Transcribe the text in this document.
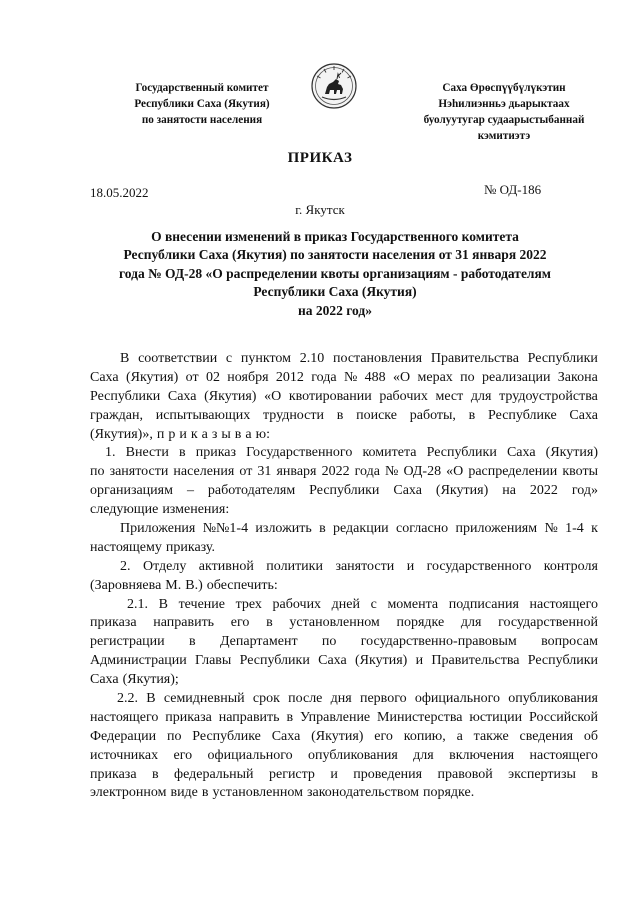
Государственный комитет
Республики Саха (Якутия)
по занятости населения
Саха Өрөспүүбүлүкэтин
Нэһилиэнньэ дьарыктаах
буолуутугар судаарыстыбаннай
кэмитиэтэ
ПРИКАЗ
18.05.2022	№ ОД-186
г. Якутск
О внесении изменений в приказ Государственного комитета
Республики Саха (Якутия) по занятости населения от 31 января 2022
года № ОД-28 «О распределении квоты организациям - работодателям
Республики Саха (Якутия)
на 2022 год»
В соответствии с пунктом 2.10 постановления Правительства Республики
Саха (Якутия) от 02 ноября 2012 года № 488 «О мерах по реализации Закона
Республики Саха (Якутия) «О квотировании рабочих мест для трудоустройства
граждан, испытывающих трудности в поиске работы, в Республике Саха
(Якутия)», п р и к а з ы в а ю:
1. Внести в приказ Государственного комитета Республики Саха (Якутия)
по занятости населения от 31 января 2022 года № ОД-28 «О распределении квоты
организациям – работодателям Республики Саха (Якутия) на 2022 год»
следующие изменения:
Приложения №№1-4 изложить в редакции согласно приложениям № 1-4 к
настоящему приказу.
2. Отделу активной политики занятости и государственного контроля
(Заровняева М. В.) обеспечить:
2.1. В течение трех рабочих дней с момента подписания настоящего
приказа направить его в установленном порядке для государственной
регистрации в Департамент по государственно-правовым вопросам
Администрации Главы Республики Саха (Якутия) и Правительства Республики
Саха (Якутия);
2.2. В семидневный срок после дня первого официального опубликования
настоящего приказа направить в Управление Министерства юстиции Российской
Федерации по Республике Саха (Якутия) его копию, а также сведения об
источниках его официального опубликования для включения настоящего
приказа в федеральный регистр и проведения правовой экспертизы в
электронном виде в установленном законодательством порядке.
